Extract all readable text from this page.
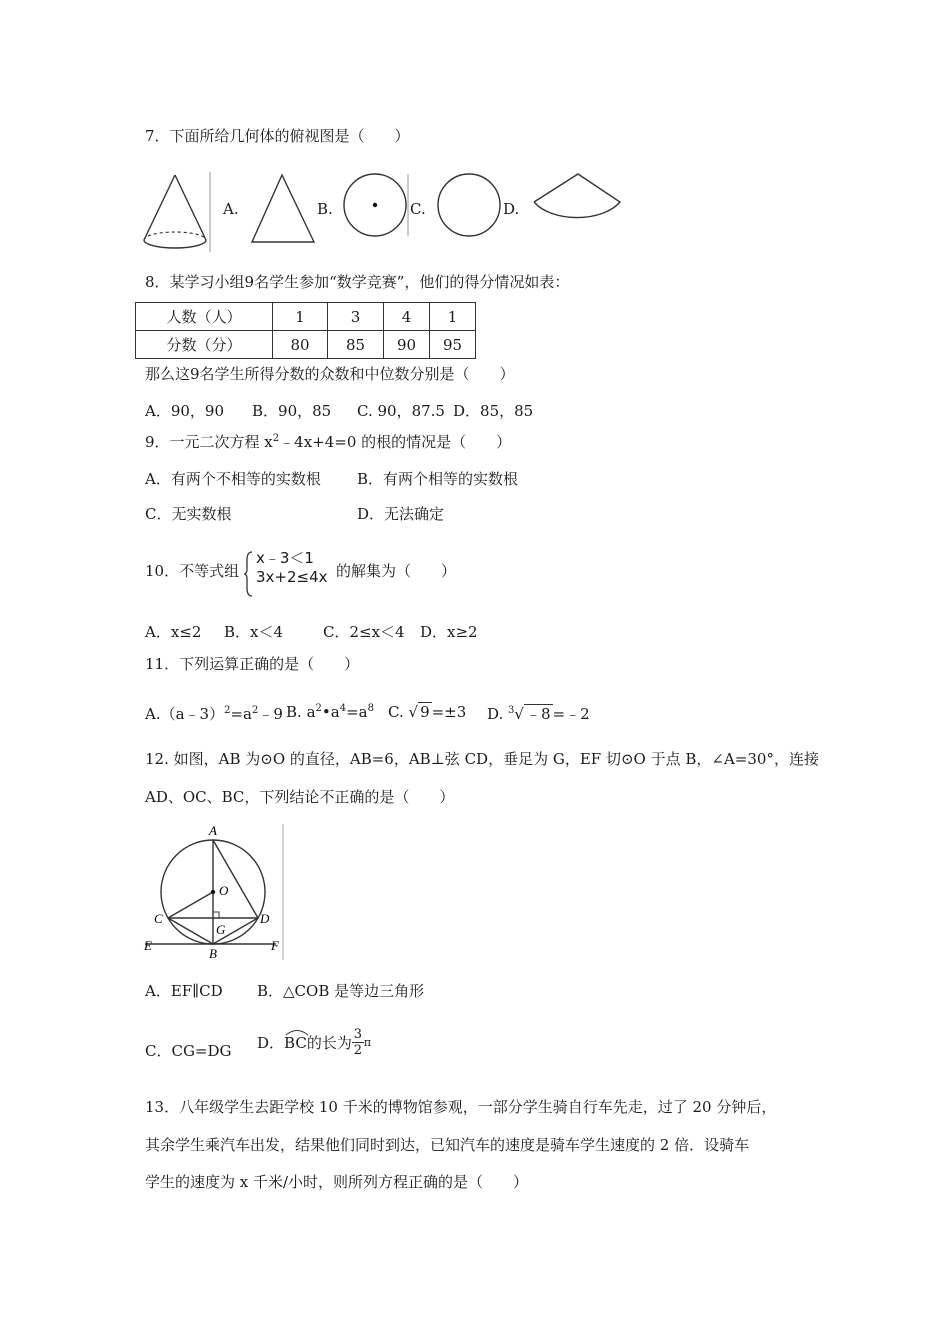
7．下面所给几何体的俯视图是（　　）
A.	B.	C.	D.
8．某学习小组9名学生参加“数学竞赛”，他们的得分情况如表：
人数（人）	1	3	4	1
分数（分）	80	85	90	95
那么这9名学生所得分数的众数和中位数分别是（　　）
A．90，90 B．90，85 C. 90，87.5 D．85，85
9．一元二次方程 $x^2﹣4x+4=0$ 的根的情况是（　　）
A．有两个不相等的实数根 B．有两个相等的实数根
C．无实数根	D．无法确定
10．不等式组
x﹣3＜1
3x+2≤4x 的解集为（　　）
A．x≤2 B．x＜4	C．2≤x＜4 D．x≥2
11．下列运算正确的是（　　）
$A.(a﹣3)^2=a^2﹣9$ B. $a^2•a^4=a^8$ C. √ 9 =±3 D. $^3$√ ﹣8 =﹣2
12. 如图，AB 为⊙O 的直径，AB=6，AB⊥弦 CD，垂足为 G，EF 切⊙O 于点 B，∠A=30°，连接
AD、OC、BC，下列结论不正确的是（　　）
A
O
C	D
G
B
E	F
A．EF∥CD B．△COB 是等边三角形
C．CG=DG D． BC 的长为 $\frac{3}{2}$ π
13．八年级学生去距学校 10 千米的博物馆参观，一部分学生骑自行车先走，过了 20 分钟后，
其余学生乘汽车出发，结果他们同时到达，已知汽车的速度是骑车学生速度的 2 倍．设骑车
学生的速度为 x 千米/小时，则所列方程正确的是（　　）
